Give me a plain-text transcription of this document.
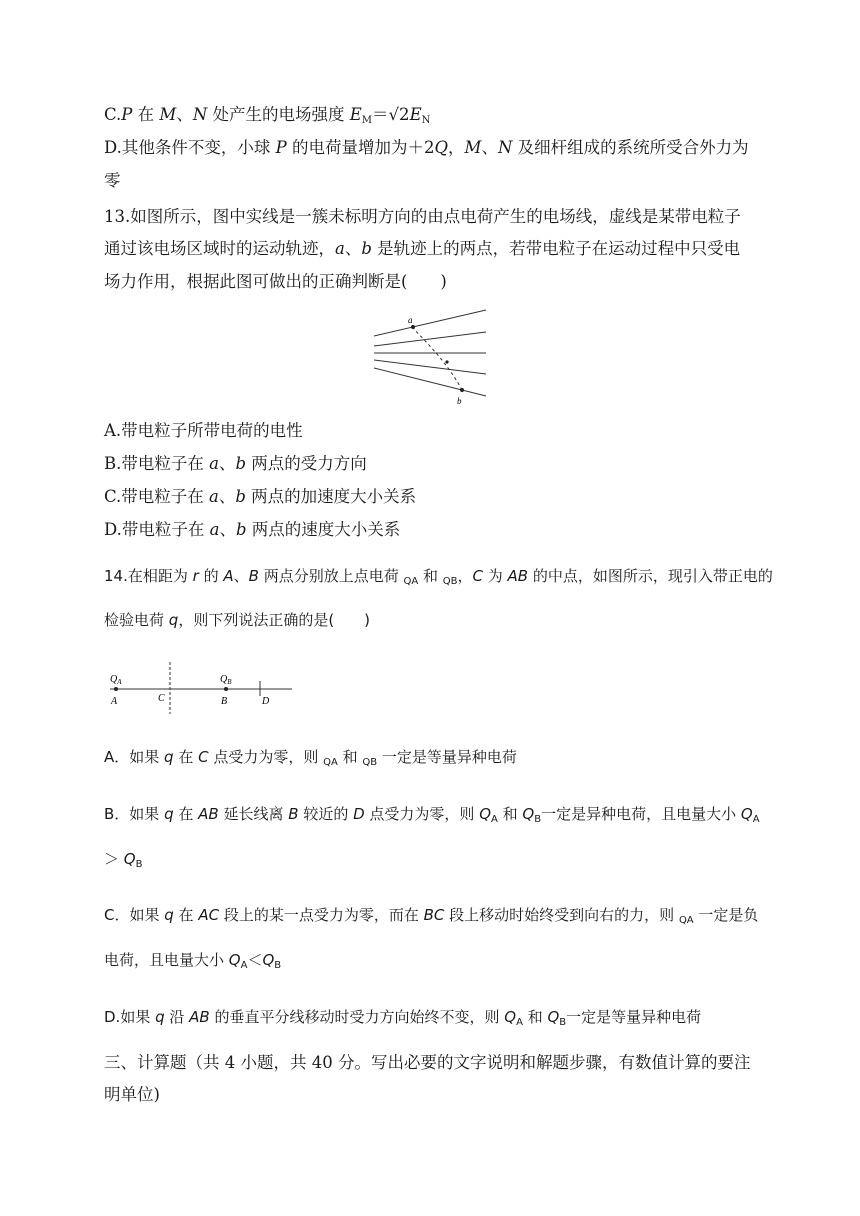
C.P 在 M、N 处产生的电场强度 $E_M=√2E_N$
D.其他条件不变，小球 P 的电荷量增加为＋2Q，M、N 及细杆组成的系统所受合外力为
零
13.如图所示，图中实线是一簇未标明方向的由点电荷产生的电场线，虚线是某带电粒子
通过该电场区域时的运动轨迹，a、b 是轨迹上的两点，若带电粒子在运动过程中只受电
场力作用，根据此图可做出的正确判断是(　　)
a
b
A.带电粒子所带电荷的电性
B.带电粒子在 a、b 两点的受力方向
C.带电粒子在 a、b 两点的加速度大小关系
D.带电粒子在 a、b 两点的速度大小关系
14.在相距为 r 的 A、B 两点分别放上点电荷 $_{QA}$ 和 $_{QB}$，C 为 AB 的中点，如图所示，现引入带正电的
检验电荷 q，则下列说法正确的是(　　)
$Q_A$	$Q_B$
A	C	B	D
A．如果 q 在 C 点受力为零，则 $_{QA}$ 和 $_{QB}$ 一定是等量异种电荷
B．如果 q 在 AB 延长线离 B 较近的 D 点受力为零，则 $Q_A$ 和 $Q_B$一定是异种电荷，且电量大小 $Q_A$
＞ $Q_B$
C．如果 q 在 AC 段上的某一点受力为零，而在 BC 段上移动时始终受到向右的力，则 $_{QA}$ 一定是负
电荷，且电量大小 $Q_A<Q_B$
D.如果 q 沿 AB 的垂直平分线移动时受力方向始终不变，则 $Q_A$ 和 $Q_B$一定是等量异种电荷
三、计算题（共 4 小题，共 40 分。写出必要的文字说明和解题步骤，有数值计算的要注
明单位)
